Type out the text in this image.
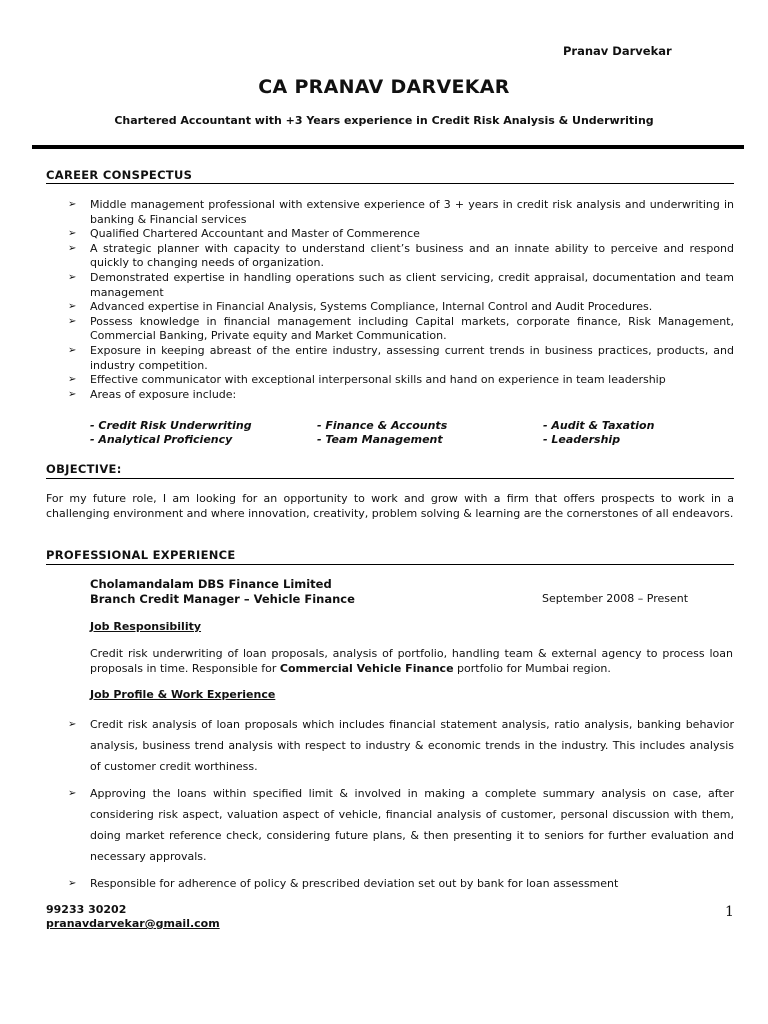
Pranav Darvekar
CA PRANAV DARVEKAR
Chartered Accountant with +3 Years experience in Credit Risk Analysis & Underwriting
CAREER CONSPECTUS
➢ Middle management professional with extensive experience of 3 + years in credit risk analysis and underwriting in banking & Financial services
➢ Qualified Chartered Accountant and Master of Commerence
➢ A strategic planner with capacity to understand client’s business and an innate ability to perceive and respond quickly to changing needs of organization.
➢ Demonstrated expertise in handling operations such as client servicing, credit appraisal, documentation and team management
➢ Advanced expertise in Financial Analysis, Systems Compliance, Internal Control and Audit Procedures.
➢ Possess knowledge in financial management including Capital markets, corporate finance, Risk Management, Commercial Banking, Private equity and Market Communication.
➢ Exposure in keeping abreast of the entire industry, assessing current trends in business practices, products, and industry competition.
➢ Effective communicator with exceptional interpersonal skills and hand on experience in team leadership
➢ Areas of exposure include:
- Credit Risk Underwriting	- Finance & Accounts	- Audit & Taxation
- Analytical Proficiency	- Team Management	- Leadership
OBJECTIVE:
For my future role, I am looking for an opportunity to work and grow with a firm that offers prospects to work in a challenging environment and where innovation, creativity, problem solving & learning are the cornerstones of all endeavors.
PROFESSIONAL EXPERIENCE
Cholamandalam DBS Finance Limited
Branch Credit Manager – Vehicle Finance	September 2008 – Present
Job Responsibility
Credit risk underwriting of loan proposals, analysis of portfolio, handling team & external agency to process loan proposals in time. Responsible for Commercial Vehicle Finance portfolio for Mumbai region.
Job Profile & Work Experience
➢ Credit risk analysis of loan proposals which includes financial statement analysis, ratio analysis, banking behavior analysis, business trend analysis with respect to industry & economic trends in the industry. This includes analysis of customer credit worthiness.
➢ Approving the loans within specified limit & involved in making a complete summary analysis on case, after considering risk aspect, valuation aspect of vehicle, financial analysis of customer, personal discussion with them, doing market reference check, considering future plans, & then presenting it to seniors for further evaluation and necessary approvals.
➢ Responsible for adherence of policy & prescribed deviation set out by bank for loan assessment
99233 30202
pranavdarvekar@gmail.com
1
